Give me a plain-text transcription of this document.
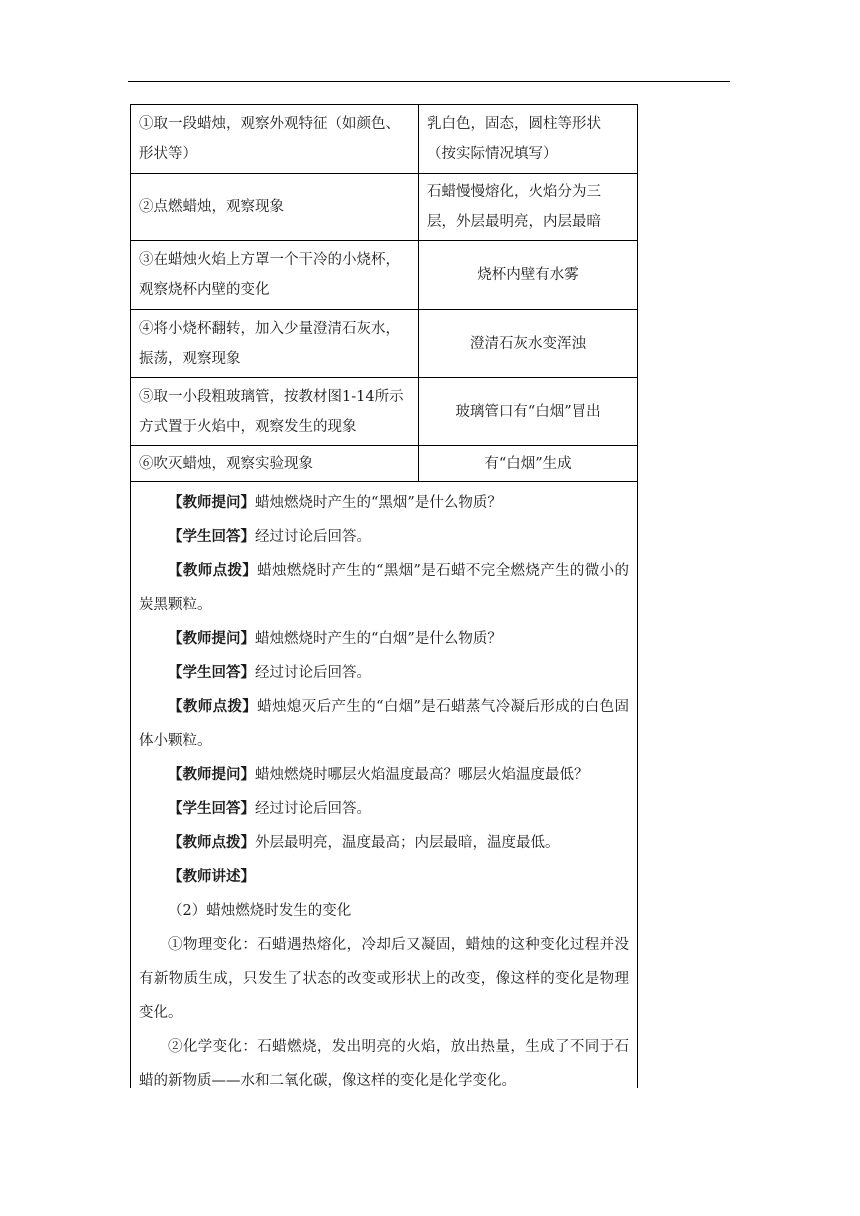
①取一段蜡烛，观察外观特征（如颜色、形状等）	乳白色，固态，圆柱等形状（按实际情况填写）
②点燃蜡烛，观察现象	石蜡慢慢熔化，火焰分为三层，外层最明亮，内层最暗
③在蜡烛火焰上方罩一个干冷的小烧杯，观察烧杯内壁的变化	烧杯内壁有水雾
④将小烧杯翻转，加入少量澄清石灰水，振荡，观察现象	澄清石灰水变浑浊
⑤取一小段粗玻璃管，按教材图1-14所示方式置于火焰中，观察发生的现象	玻璃管口有“白烟”冒出
⑥吹灭蜡烛，观察实验现象	有“白烟”生成

【教师提问】蜡烛燃烧时产生的“黑烟”是什么物质？

【学生回答】经过讨论后回答。

【教师点拨】蜡烛燃烧时产生的“黑烟”是石蜡不完全燃烧产生的微小的炭黑颗粒。

【教师提问】蜡烛燃烧时产生的“白烟”是什么物质？

【学生回答】经过讨论后回答。

【教师点拨】蜡烛熄灭后产生的“白烟”是石蜡蒸气冷凝后形成的白色固体小颗粒。

【教师提问】蜡烛燃烧时哪层火焰温度最高？哪层火焰温度最低？

【学生回答】经过讨论后回答。

【教师点拨】外层最明亮，温度最高；内层最暗，温度最低。

【教师讲述】

（2）蜡烛燃烧时发生的变化

①物理变化：石蜡遇热熔化，冷却后又凝固，蜡烛的这种变化过程并没有新物质生成，只发生了状态的改变或形状上的改变，像这样的变化是物理变化。

②化学变化：石蜡燃烧，发出明亮的火焰，放出热量，生成了不同于石蜡的新物质——水和二氧化碳，像这样的变化是化学变化。
